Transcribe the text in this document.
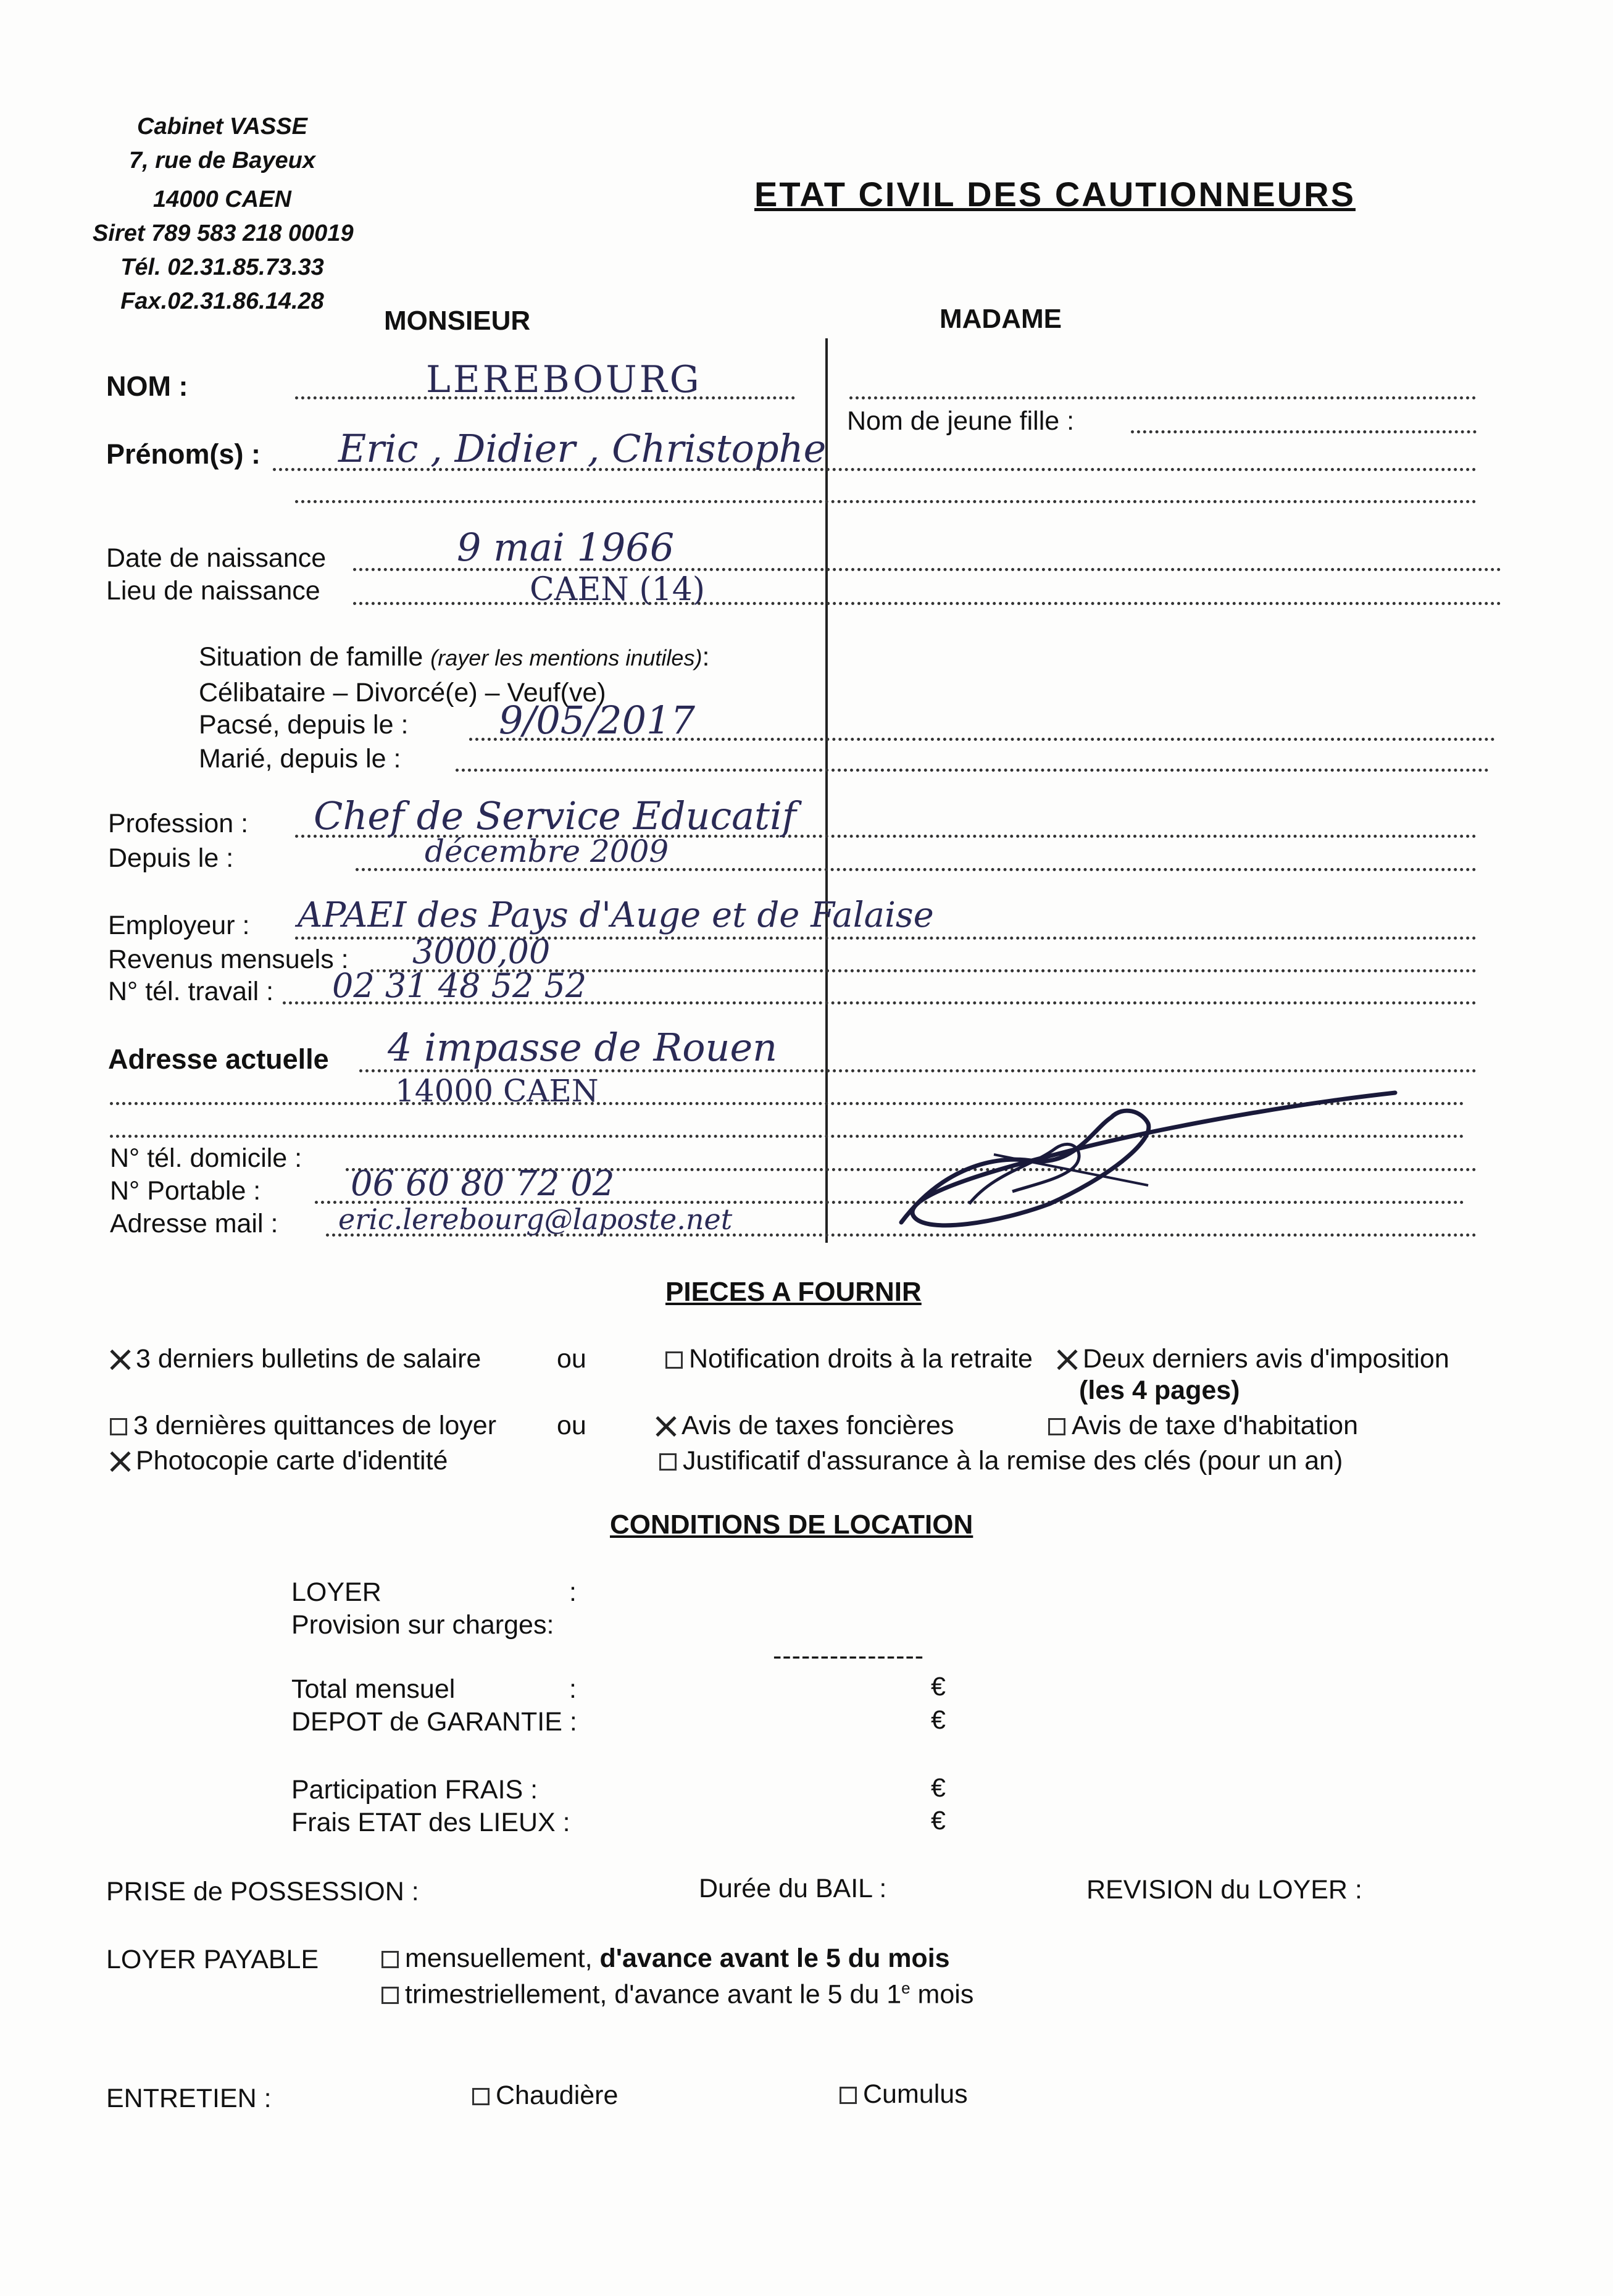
Cabinet VASSE
7, rue de Bayeux
14000 CAEN
Siret 789 583 218 00019
Tél. 02.31.85.73.33
Fax.02.31.86.14.28
ETAT CIVIL DES CAUTIONNEURS
MONSIEUR	MADAME
NOM :	LEREBOURG
Nom de jeune fille :
Prénom(s) : Eric , Didier , Christophe
Date de naissance	9 mai 1966
Lieu de naissance	CAEN (14)
Situation de famille (rayer les mentions inutiles):
Célibataire – Divorcé(e) – Veuf(ve)
Pacsé, depuis le : 9/05/2017
Marié, depuis le :
Profession : Chef de Service Educatif
Depuis le :	décembre 2009
Employeur : APAEI des Pays d'Auge et de Falaise
Revenus mensuels : 3000,00
N° tél. travail : 02 31 48 52 52
Adresse actuelle 4 impasse de Rouen
14000 CAEN
N° tél. domicile :
N° Portable :	06 60 80 72 02
Adresse mail : eric.lerebourg@laposte.net
PIECES A FOURNIR
3 derniers bulletins de salaire	ou	Notification droits à la retraite	Deux derniers avis d'imposition
(les 4 pages)
3 dernières quittances de loyer ou	Avis de taxes foncières	Avis de taxe d'habitation
Photocopie carte d'identité	Justificatif d'assurance à la remise des clés (pour un an)
CONDITIONS DE LOCATION
LOYER	:
Provision sur charges:
----------------
Total mensuel	:	€
DEPOT de GARANTIE :	€
Participation FRAIS :	€
Frais ETAT des LIEUX :	€
PRISE de POSSESSION :	Durée du BAIL :	REVISION du LOYER :
LOYER PAYABLE	mensuellement, d'avance avant le 5 du mois
trimestriellement, d'avance avant le 5 du 1e mois
ENTRETIEN :	Chaudière	Cumulus
